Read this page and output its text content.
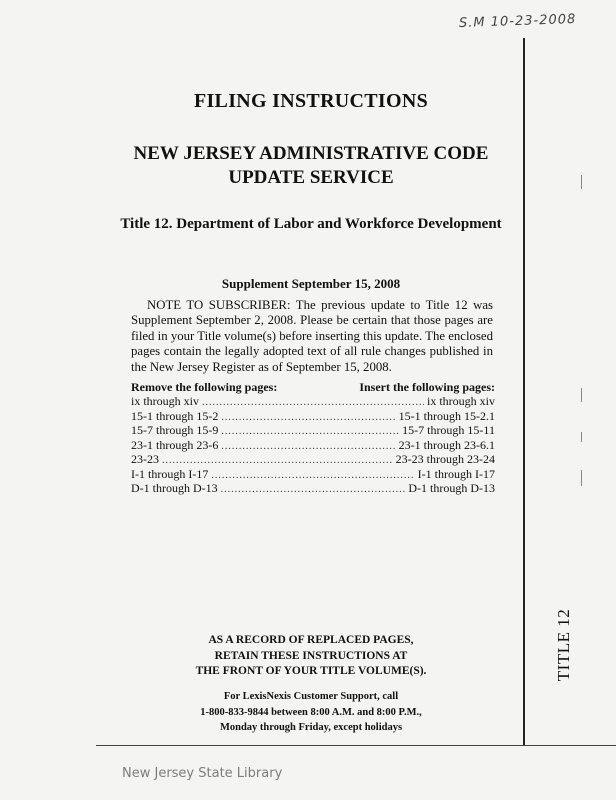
S.M 10-23-2008
FILING INSTRUCTIONS
NEW JERSEY ADMINISTRATIVE CODE
UPDATE SERVICE
Title 12. Department of Labor and Workforce Development
Supplement September 15, 2008
NOTE TO SUBSCRIBER: The previous update to Title 12 was Supplement September 2, 2008. Please be certain that those pages are filed in your Title volume(s) before inserting this update. The enclosed pages contain the legally adopted text of all rule changes published in the New Jersey Register as of September 15, 2008.
Remove the following pages:	Insert the following pages:
ix through xiv .....	ix through xiv
15-1 through 15-2 .....	15-1 through 15-2.1
15-7 through 15-9 .....	15-7 through 15-11
23-1 through 23-6 .....	23-1 through 23-6.1
23-23 .....	23-23 through 23-24
I-1 through I-17 .....	I-1 through I-17
D-1 through D-13 .....	D-1 through D-13
AS A RECORD OF REPLACED PAGES,
RETAIN THESE INSTRUCTIONS AT
THE FRONT OF YOUR TITLE VOLUME(S).
For LexisNexis Customer Support, call
1-800-833-9844 between 8:00 A.M. and 8:00 P.M.,
Monday through Friday, except holidays
TITLE 12
New Jersey State Library
